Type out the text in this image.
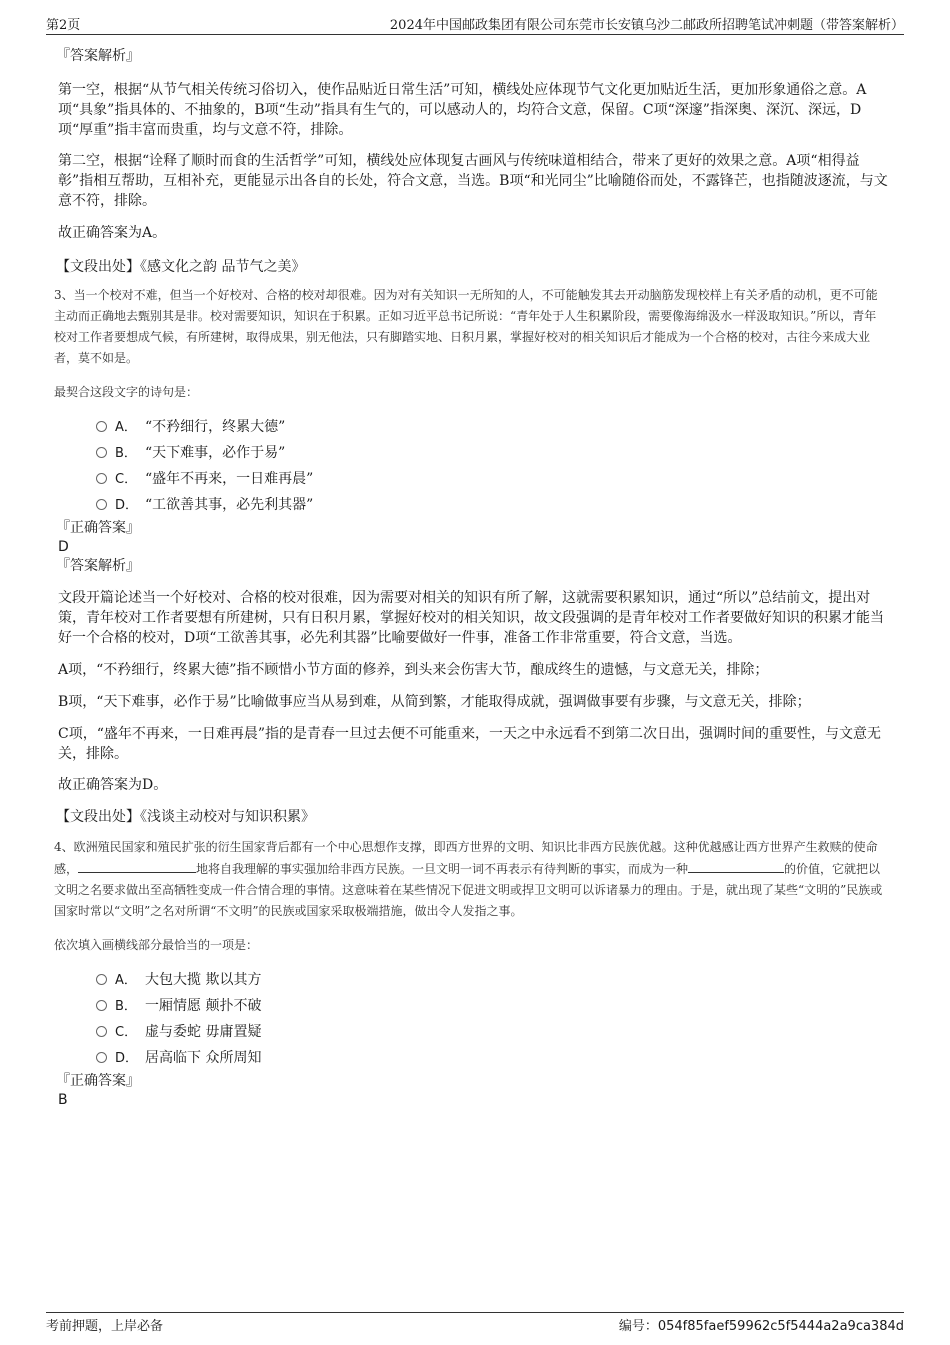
第2页	2024年中国邮政集团有限公司东莞市长安镇乌沙二邮政所招聘笔试冲刺题（带答案解析）

『答案解析』

第一空，根据“从节气相关传统习俗切入，使作品贴近日常生活”可知，横线处应体现节气文化更加贴近生活，更加形象通俗之意。A项“具象”指具体的、不抽象的，B项“生动”指具有生气的，可以感动人的，均符合文意，保留。C项“深邃”指深奥、深沉、深远，D项“厚重”指丰富而贵重，均与文意不符，排除。

第二空，根据“诠释了顺时而食的生活哲学”可知，横线处应体现复古画风与传统味道相结合，带来了更好的效果之意。A项“相得益彰”指相互帮助，互相补充，更能显示出各自的长处，符合文意，当选。B项“和光同尘”比喻随俗而处，不露锋芒，也指随波逐流，与文意不符，排除。

故正确答案为A。

【文段出处】《感文化之韵 品节气之美》

3、当一个校对不难，但当一个好校对、合格的校对却很难。因为对有关知识一无所知的人，不可能触发其去开动脑筋发现校样上有关矛盾的动机，更不可能主动而正确地去甄别其是非。校对需要知识，知识在于积累。正如习近平总书记所说：“青年处于人生积累阶段，需要像海绵汲水一样汲取知识。”所以，青年校对工作者要想成气候，有所建树，取得成果，别无他法，只有脚踏实地、日积月累，掌握好校对的相关知识后才能成为一个合格的校对，古往今来成大业者，莫不如是。

最契合这段文字的诗句是：

A． “不矜细行，终累大德”
B． “天下难事，必作于易”
C． “盛年不再来，一日难再晨”
D． “工欲善其事，必先利其器”

『正确答案』

D

『答案解析』

文段开篇论述当一个好校对、合格的校对很难，因为需要对相关的知识有所了解，这就需要积累知识，通过“所以”总结前文，提出对策，青年校对工作者要想有所建树，只有日积月累，掌握好校对的相关知识，故文段强调的是青年校对工作者要做好知识的积累才能当好一个合格的校对，D项“工欲善其事，必先利其器”比喻要做好一件事，准备工作非常重要，符合文意，当选。

A项，“不矜细行，终累大德”指不顾惜小节方面的修养，到头来会伤害大节，酿成终生的遗憾，与文意无关，排除；

B项，“天下难事，必作于易”比喻做事应当从易到难，从简到繁，才能取得成就，强调做事要有步骤，与文意无关，排除；

C项，“盛年不再来，一日难再晨”指的是青春一旦过去便不可能重来，一天之中永远看不到第二次日出，强调时间的重要性，与文意无关，排除。

故正确答案为D。

【文段出处】《浅谈主动校对与知识积累》

4、欧洲殖民国家和殖民扩张的衍生国家背后都有一个中心思想作支撑，即西方世界的文明、知识比非西方民族优越。这种优越感让西方世界产生救赎的使命感，	地将自我理解的事实强加给非西方民族。一旦文明一词不再表示有待判断的事实，而成为一种	的价值，它就把以文明之名要求做出至高牺牲变成一件合情合理的事情。这意味着在某些情况下促进文明或捍卫文明可以诉诸暴力的理由。于是，就出现了某些“文明的”民族或国家时常以“文明”之名对所谓“不文明”的民族或国家采取极端措施，做出令人发指之事。

依次填入画横线部分最恰当的一项是：

A． 大包大揽 欺以其方
B． 一厢情愿 颠扑不破
C． 虚与委蛇 毋庸置疑
D． 居高临下 众所周知

『正确答案』

B

考前押题，上岸必备	编号：054f85faef59962c5f5444a2a9ca384d
